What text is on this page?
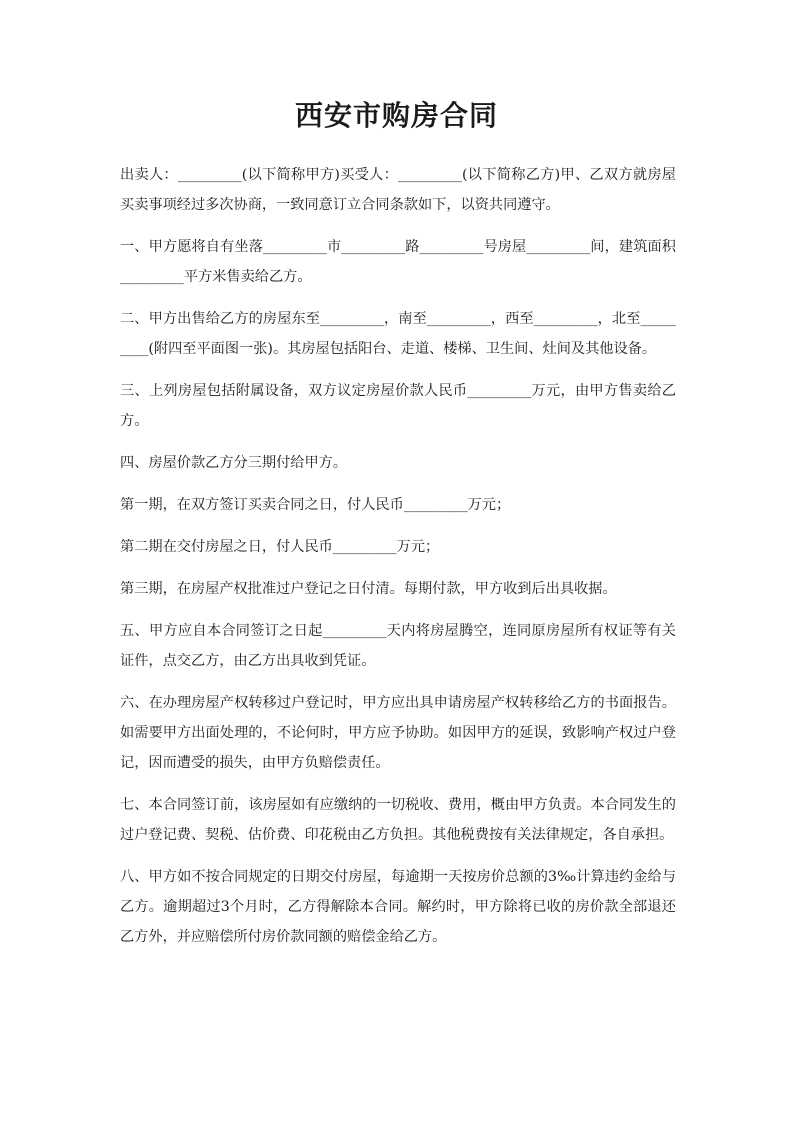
西安市购房合同

出卖人：_________(以下简称甲方)买受人：_________(以下简称乙方)甲、乙双方就房屋买卖事项经过多次协商，一致同意订立合同条款如下，以资共同遵守。

一、甲方愿将自有坐落_________市_________路_________号房屋_________间，建筑面积_________平方米售卖给乙方。

二、甲方出售给乙方的房屋东至_________，南至_________，西至_________，北至_________(附四至平面图一张)。其房屋包括阳台、走道、楼梯、卫生间、灶间及其他设备。

三、上列房屋包括附属设备，双方议定房屋价款人民币_________万元，由甲方售卖给乙方。

四、房屋价款乙方分三期付给甲方。

第一期，在双方签订买卖合同之日，付人民币_________万元；

第二期在交付房屋之日，付人民币_________万元；

第三期，在房屋产权批准过户登记之日付清。每期付款，甲方收到后出具收据。

五、甲方应自本合同签订之日起_________天内将房屋腾空，连同原房屋所有权证等有关证件，点交乙方，由乙方出具收到凭证。

六、在办理房屋产权转移过户登记时，甲方应出具申请房屋产权转移给乙方的书面报告。如需要甲方出面处理的，不论何时，甲方应予协助。如因甲方的延误，致影响产权过户登记，因而遭受的损失，由甲方负赔偿责任。

七、本合同签订前，该房屋如有应缴纳的一切税收、费用，概由甲方负责。本合同发生的过户登记费、契税、估价费、印花税由乙方负担。其他税费按有关法律规定，各自承担。

八、甲方如不按合同规定的日期交付房屋，每逾期一天按房价总额的3‰计算违约金给与乙方。逾期超过3个月时，乙方得解除本合同。解约时，甲方除将已收的房价款全部退还乙方外，并应赔偿所付房价款同额的赔偿金给乙方。
